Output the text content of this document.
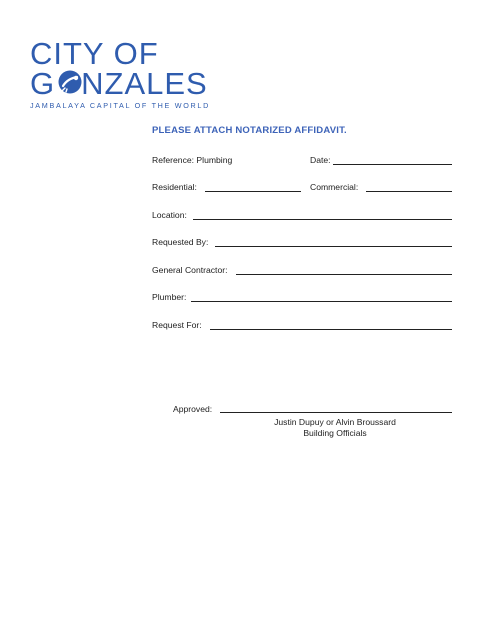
CITY OF
G NZALES
JAMBALAYA CAPITAL OF THE WORLD
PLEASE ATTACH NOTARIZED AFFIDAVIT.
Reference: Plumbing	Date:
Residential:	Commercial:
Location:
Requested By:
General Contractor:
Plumber:
Request For:
Approved:
Justin Dupuy or Alvin Broussard
Building Officials
